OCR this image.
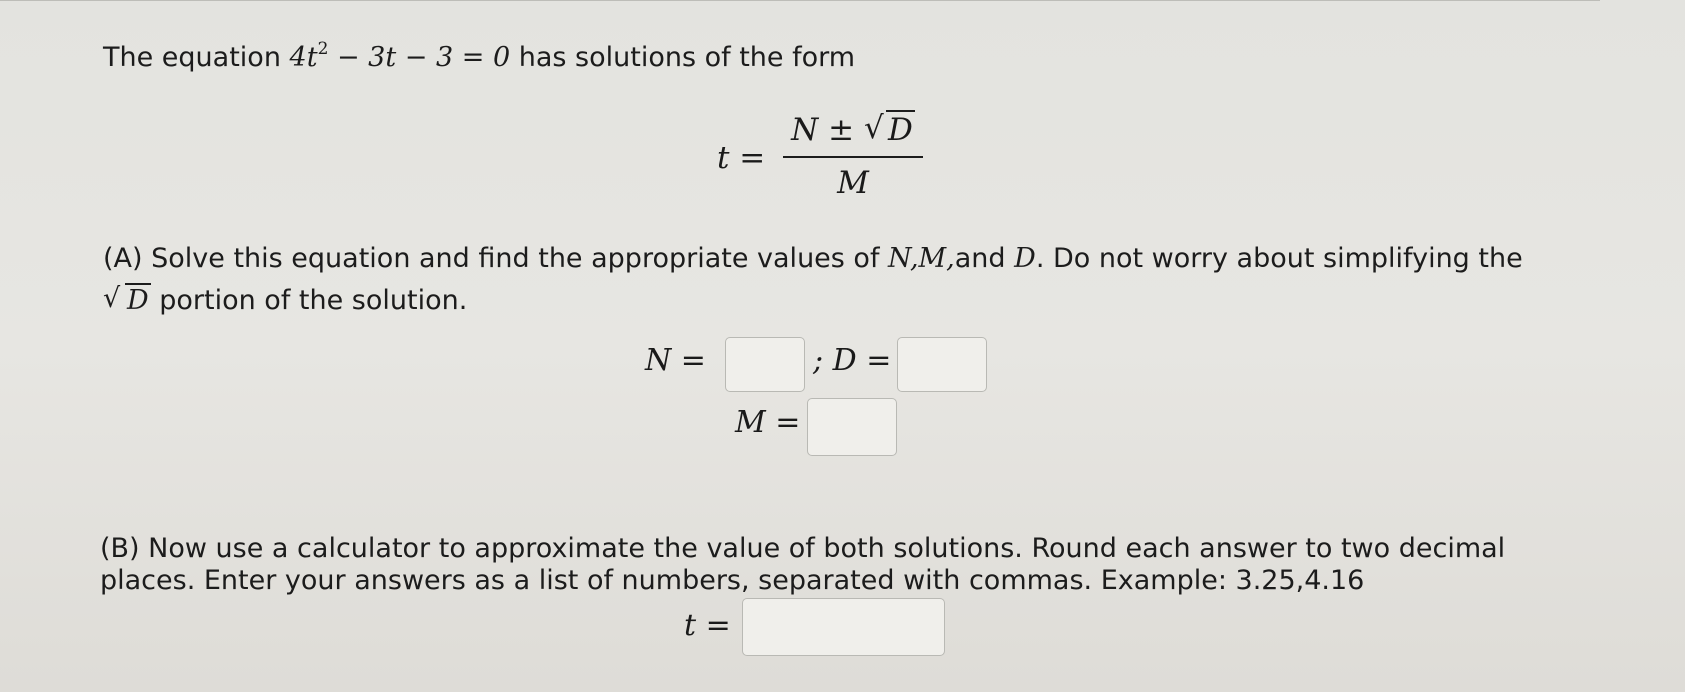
The equation $4t^2 - 3t - 3 = 0$ has solutions of the form

t =
N ± √ D
M

(A) Solve this equation and find the appropriate values of N,M,and D. Do not worry about simplifying the

√ D portion of the solution.

N =	; D =
M =

(B) Now use a calculator to approximate the value of both solutions. Round each answer to two decimal

places. Enter your answers as a list of numbers, separated with commas. Example: 3.25,4.16

t =
